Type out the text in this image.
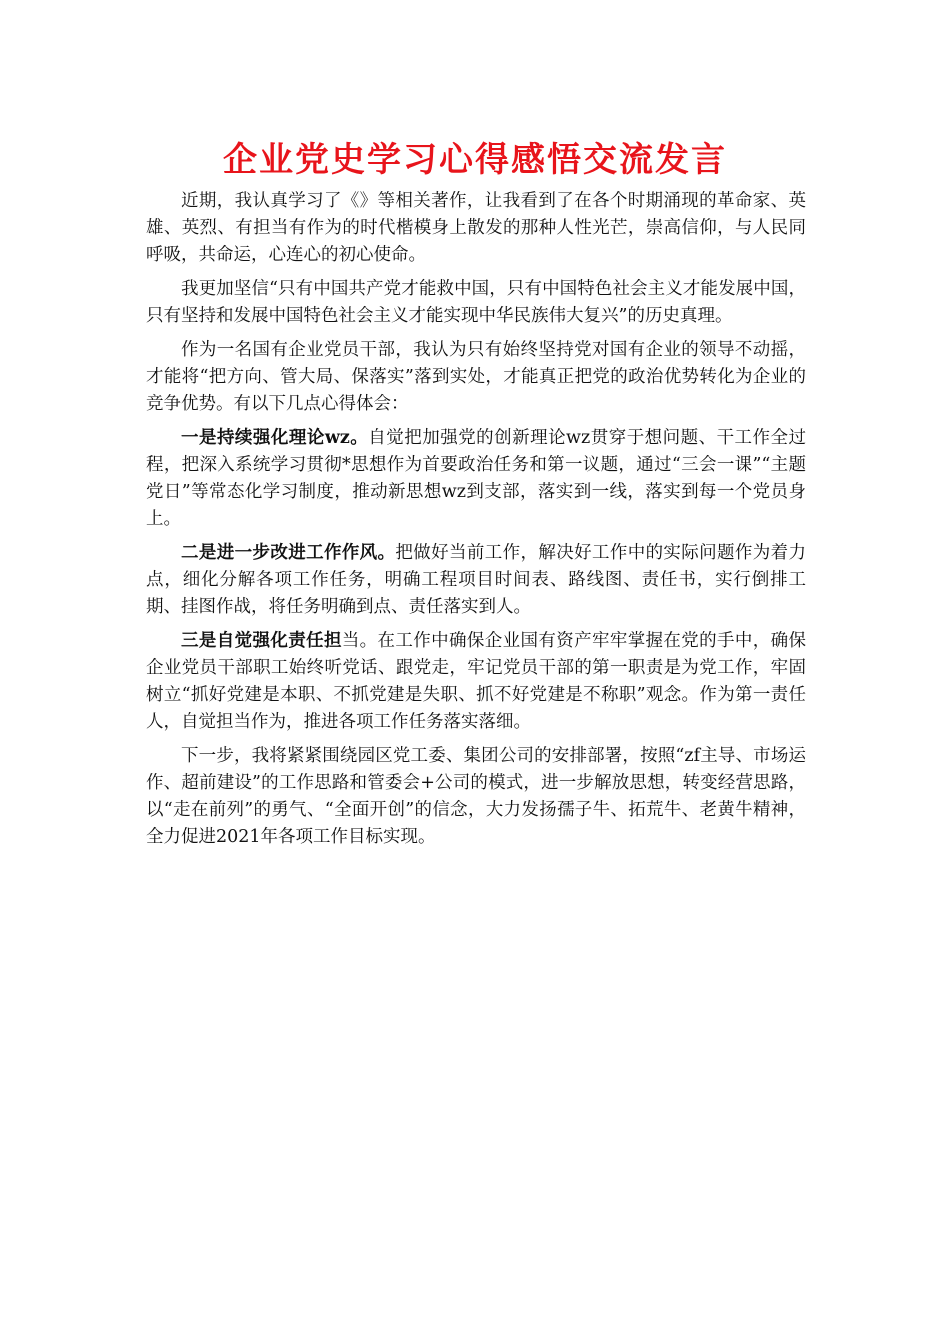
企业党史学习心得感悟交流发言

近期，我认真学习了《》等相关著作，让我看到了在各个时期涌现的革命家、英雄、英烈、有担当有作为的时代楷模身上散发的那种人性光芒，崇高信仰，与人民同呼吸，共命运，心连心的初心使命。

我更加坚信“只有中国共产党才能救中国，只有中国特色社会主义才能发展中国，只有坚持和发展中国特色社会主义才能实现中华民族伟大复兴”的历史真理。

作为一名国有企业党员干部，我认为只有始终坚持党对国有企业的领导不动摇，才能将“把方向、管大局、保落实”落到实处，才能真正把党的政治优势转化为企业的竞争优势。有以下几点心得体会：

一是持续强化理论wz。自觉把加强党的创新理论wz贯穿于想问题、干工作全过程，把深入系统学习贯彻*思想作为首要政治任务和第一议题，通过“三会一课”“主题党日”等常态化学习制度，推动新思想wz到支部，落实到一线，落实到每一个党员身上。

二是进一步改进工作作风。把做好当前工作，解决好工作中的实际问题作为着力点，细化分解各项工作任务，明确工程项目时间表、路线图、责任书，实行倒排工期、挂图作战，将任务明确到点、责任落实到人。

三是自觉强化责任担当。在工作中确保企业国有资产牢牢掌握在党的手中，确保企业党员干部职工始终听党话、跟党走，牢记党员干部的第一职责是为党工作，牢固树立“抓好党建是本职、不抓党建是失职、抓不好党建是不称职”观念。作为第一责任人，自觉担当作为，推进各项工作任务落实落细。

下一步，我将紧紧围绕园区党工委、集团公司的安排部署，按照“zf主导、市场运作、超前建设”的工作思路和管委会+公司的模式，进一步解放思想，转变经营思路，以“走在前列”的勇气、“全面开创”的信念，大力发扬孺子牛、拓荒牛、老黄牛精神，全力促进2021年各项工作目标实现。
